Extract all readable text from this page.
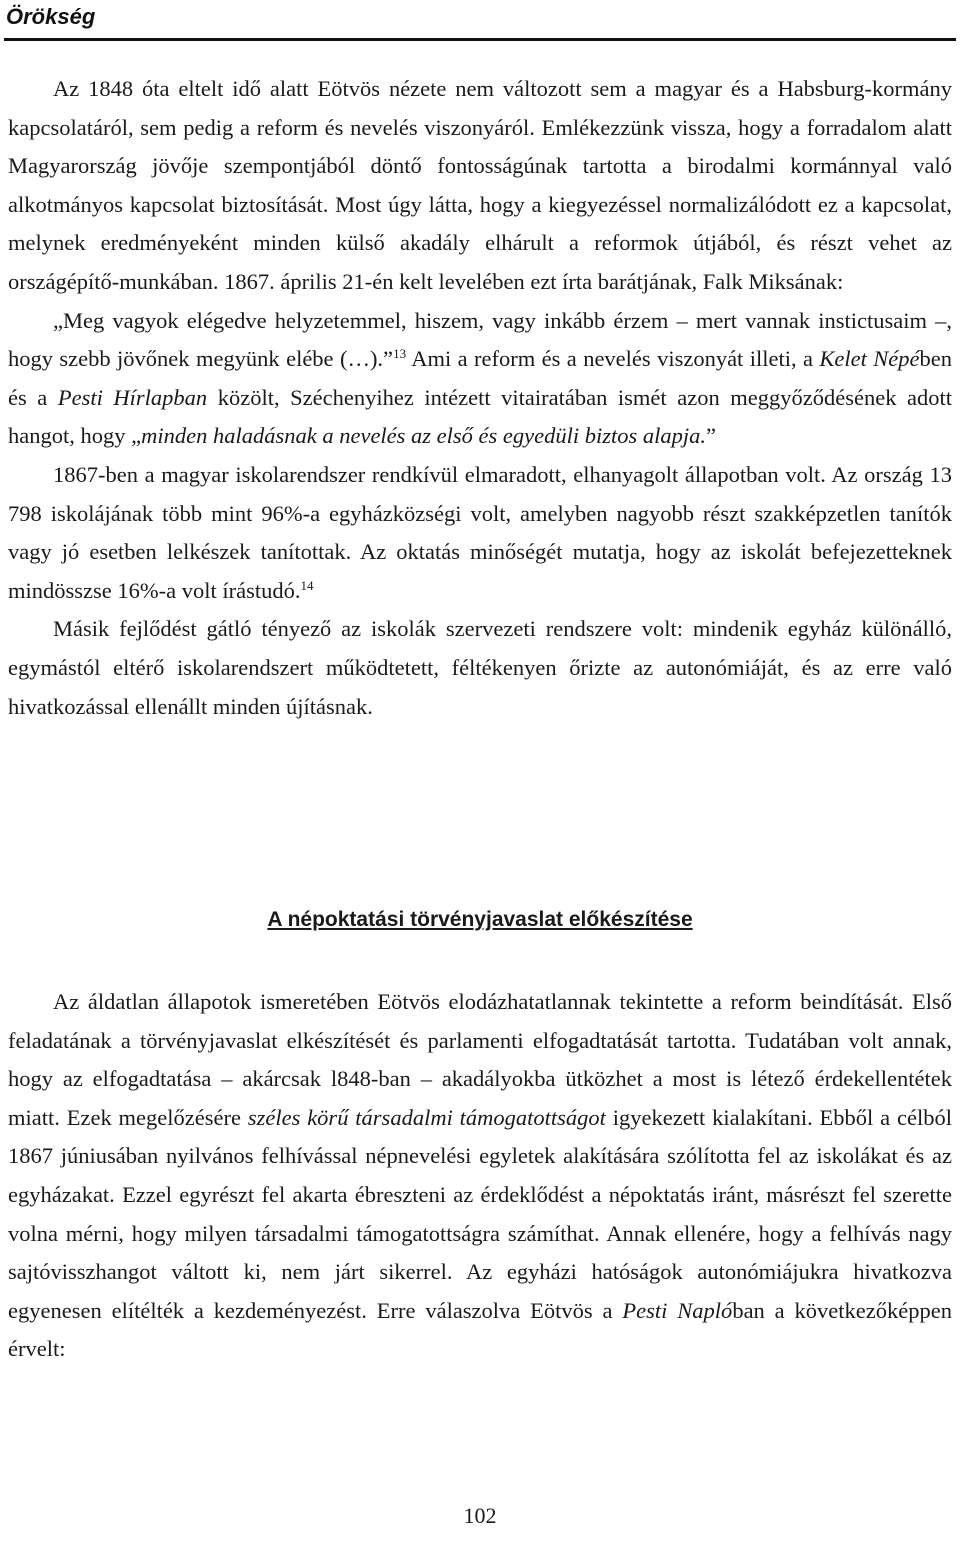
Örökség

Az 1848 óta eltelt idő alatt Eötvös nézete nem változott sem a magyar és a Habsburg-kormány kapcsolatáról, sem pedig a reform és nevelés viszonyáról. Emlékezzünk vissza, hogy a forradalom alatt Magyarország jövője szempontjából döntő fontosságúnak tartotta a birodalmi kormánnyal való alkotmányos kapcsolat biztosítását. Most úgy látta, hogy a kiegyezéssel normalizálódott ez a kapcsolat, melynek eredményeként minden külső akadály elhárult a reformok útjából, és részt vehet az országépítő-munkában. 1867. április 21-én kelt levelében ezt írta barátjának, Falk Miksának:

„Meg vagyok elégedve helyzetemmel, hiszem, vagy inkább érzem – mert vannak instictusaim –, hogy szebb jövőnek megyünk elébe (…).”$^{13}$ Ami a reform és a nevelés viszonyát illeti, a Kelet Népében és a Pesti Hírlapban közölt, Széchenyihez intézett vitairatában ismét azon meggyőződésének adott hangot, hogy „minden haladásnak a nevelés az első és egyedüli biztos alapja.”

1867-ben a magyar iskolarendszer rendkívül elmaradott, elhanyagolt állapotban volt. Az ország 13 798 iskolájának több mint 96%-a egyházközségi volt, amelyben nagyobb részt szakképzetlen tanítók vagy jó esetben lelkészek tanítottak. Az oktatás minőségét mutatja, hogy az iskolát befejezetteknek mindösszse 16%-a volt írástudó.$^{14}$

Másik fejlődést gátló tényező az iskolák szervezeti rendszere volt: mindenik egyház különálló, egymástól eltérő iskolarendszert működtetett, féltékenyen őrizte az autonómiáját, és az erre való hivatkozással ellenállt minden újításnak.

A népoktatási törvényjavaslat előkészítése

Az áldatlan állapotok ismeretében Eötvös elodázhatatlannak tekintette a reform beindítását. Első feladatának a törvényjavaslat elkészítését és parlamenti elfogadtatását tartotta. Tudatában volt annak, hogy az elfogadtatása – akárcsak l848-ban – akadályokba ütközhet a most is létező érdekellentétek miatt. Ezek megelőzésére széles körű társadalmi támogatottságot igyekezett kialakítani. Ebből a célból 1867 júniusában nyilvános felhívással népnevelési egyletek alakítására szólította fel az iskolákat és az egyházakat. Ezzel egyrészt fel akarta ébreszteni az érdeklődést a népoktatás iránt, másrészt fel szerette volna mérni, hogy milyen társadalmi támogatottságra számíthat. Annak ellenére, hogy a felhívás nagy sajtóvisszhangot váltott ki, nem járt sikerrel. Az egyházi hatóságok autonómiájukra hivatkozva egyenesen elítélték a kezdeményezést. Erre válaszolva Eötvös a Pesti Naplóban a következőképpen érvelt:

102
